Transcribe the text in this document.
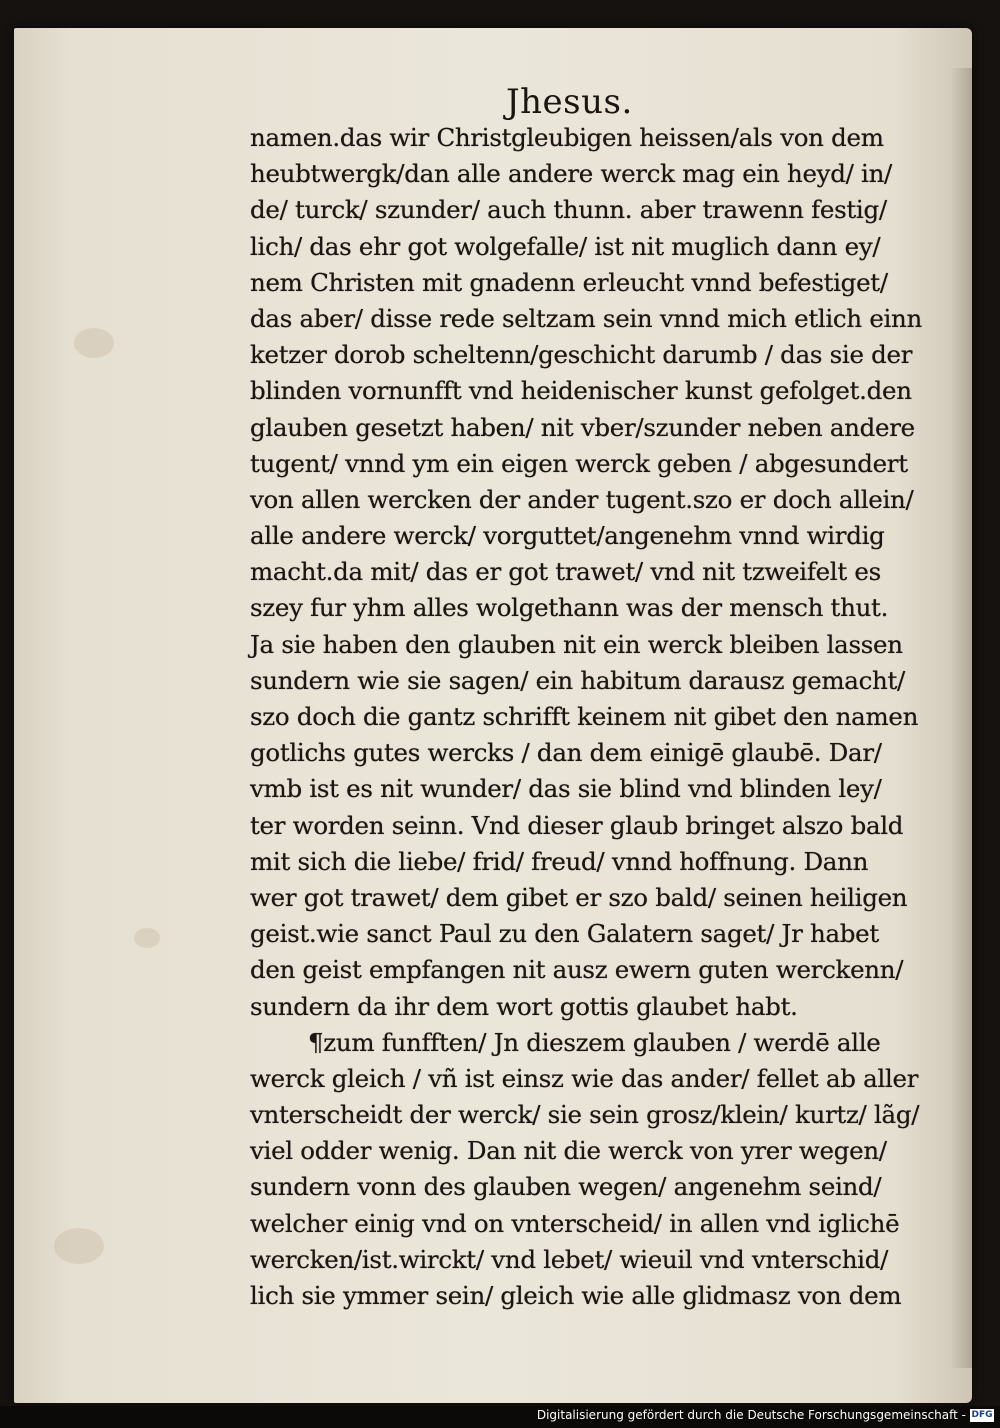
Jhesus.
namen.das wir Christgleubigen heissen/als von dem
heubtwergk/dan alle andere werck mag ein heyd/ in/
de/ turck/ szunder/ auch thunn. aber trawenn festig/
lich/ das ehr got wolgefalle/ ist nit muglich dann ey/
nem Christen mit gnadenn erleucht vnnd befestiget/
das aber/ disse rede seltzam sein vnnd mich etlich einn
ketzer dorob scheltenn/geschicht darumb / das sie der
blinden vornunfft vnd heidenischer kunst gefolget.den
glauben gesetzt haben/ nit vber/szunder neben andere
tugent/ vnnd ym ein eigen werck geben / abgesundert
von allen wercken der ander tugent.szo er doch allein/
alle andere werck/ vorguttet/angenehm vnnd wirdig
macht.da mit/ das er got trawet/ vnd nit tzweifelt es
szey fur yhm alles wolgethann was der mensch thut.
Ja sie haben den glauben nit ein werck bleiben lassen
sundern wie sie sagen/ ein habitum darausz gemacht/
szo doch die gantz schrifft keinem nit gibet den namen
gotlichs gutes wercks / dan dem einigē glaubē. Dar/
vmb ist es nit wunder/ das sie blind vnd blinden ley/
ter worden seinn. Vnd dieser glaub bringet alszo bald
mit sich die liebe/ frid/ freud/ vnnd hoffnung. Dann
wer got trawet/ dem gibet er szo bald/ seinen heiligen
geist.wie sanct Paul zu den Galatern saget/ Jr habet
den geist empfangen nit ausz ewern guten werckenn/
sundern da ihr dem wort gottis glaubet habt.
¶zum funfften/ Jn dieszem glauben / werdē alle
werck gleich / vñ ist einsz wie das ander/ fellet ab aller
vnterscheidt der werck/ sie sein grosz/klein/ kurtz/ lãg/
viel odder wenig. Dan nit die werck von yrer wegen/
sundern vonn des glauben wegen/ angenehm seind/
welcher einig vnd on vnterscheid/ in allen vnd iglichē
wercken/ist.wirckt/ vnd lebet/ wieuil vnd vnterschid/
lich sie ymmer sein/ gleich wie alle glidmasz von dem
Digitalisierung gefördert durch die Deutsche Forschungsgemeinschaft - DFG
